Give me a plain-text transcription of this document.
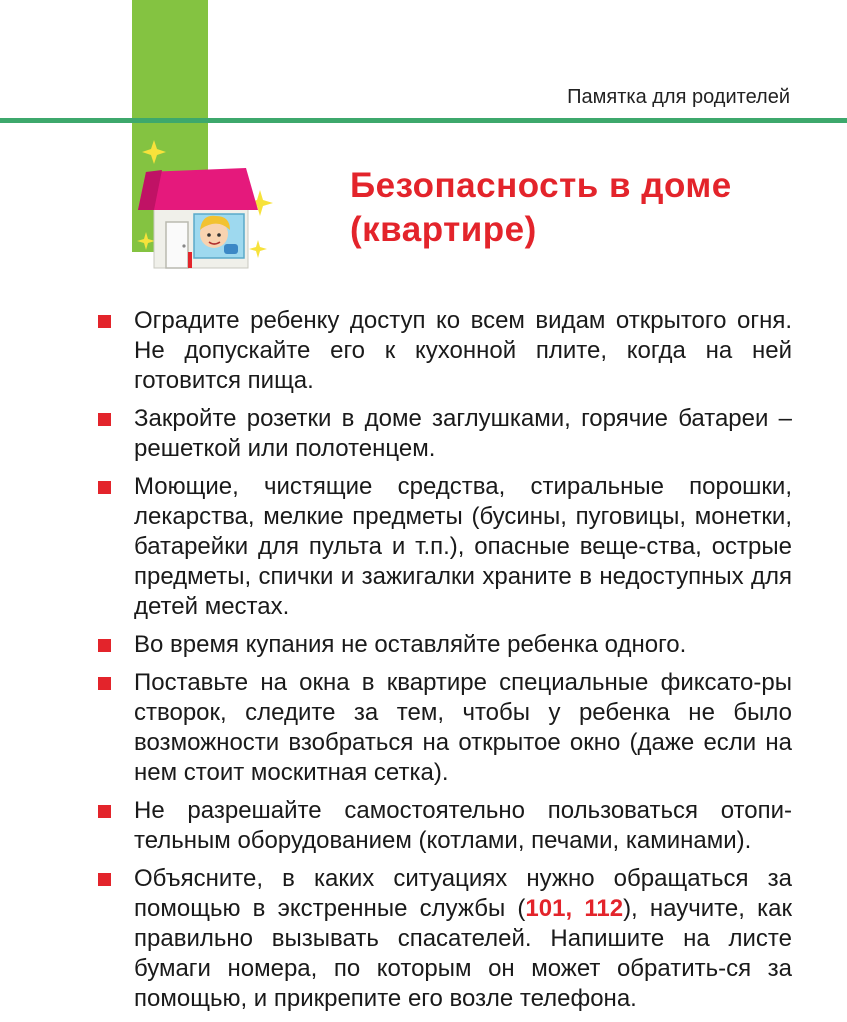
Памятка для родителей
Безопасность в доме
(квартире)
Оградите ребенку доступ ко всем видам открытого огня. Не допускайте его к кухонной плите, когда на ней готовится пища.
Закройте розетки в доме заглушками, горячие батареи – решеткой или полотенцем.
Моющие, чистящие средства, стиральные порошки, лекарства, мелкие предметы (бусины, пуговицы, монетки, батарейки для пульта и т.п.), опасные веще-ства, острые предметы, спички и зажигалки храните в недоступных для детей местах.
Во время купания не оставляйте ребенка одного.
Поставьте на окна в квартире специальные фиксато-ры створок, следите за тем, чтобы у ребенка не было возможности взобраться на открытое окно (даже если на нем стоит москитная сетка).
Не разрешайте самостоятельно пользоваться отопи-тельным оборудованием (котлами, печами, каминами).
Объясните, в каких ситуациях нужно обращаться за помощью в экстренные службы (101, 112), научите, как правильно вызывать спасателей. Напишите на листе бумаги номера, по которым он может обратить-ся за помощью, и прикрепите его возле телефона.
